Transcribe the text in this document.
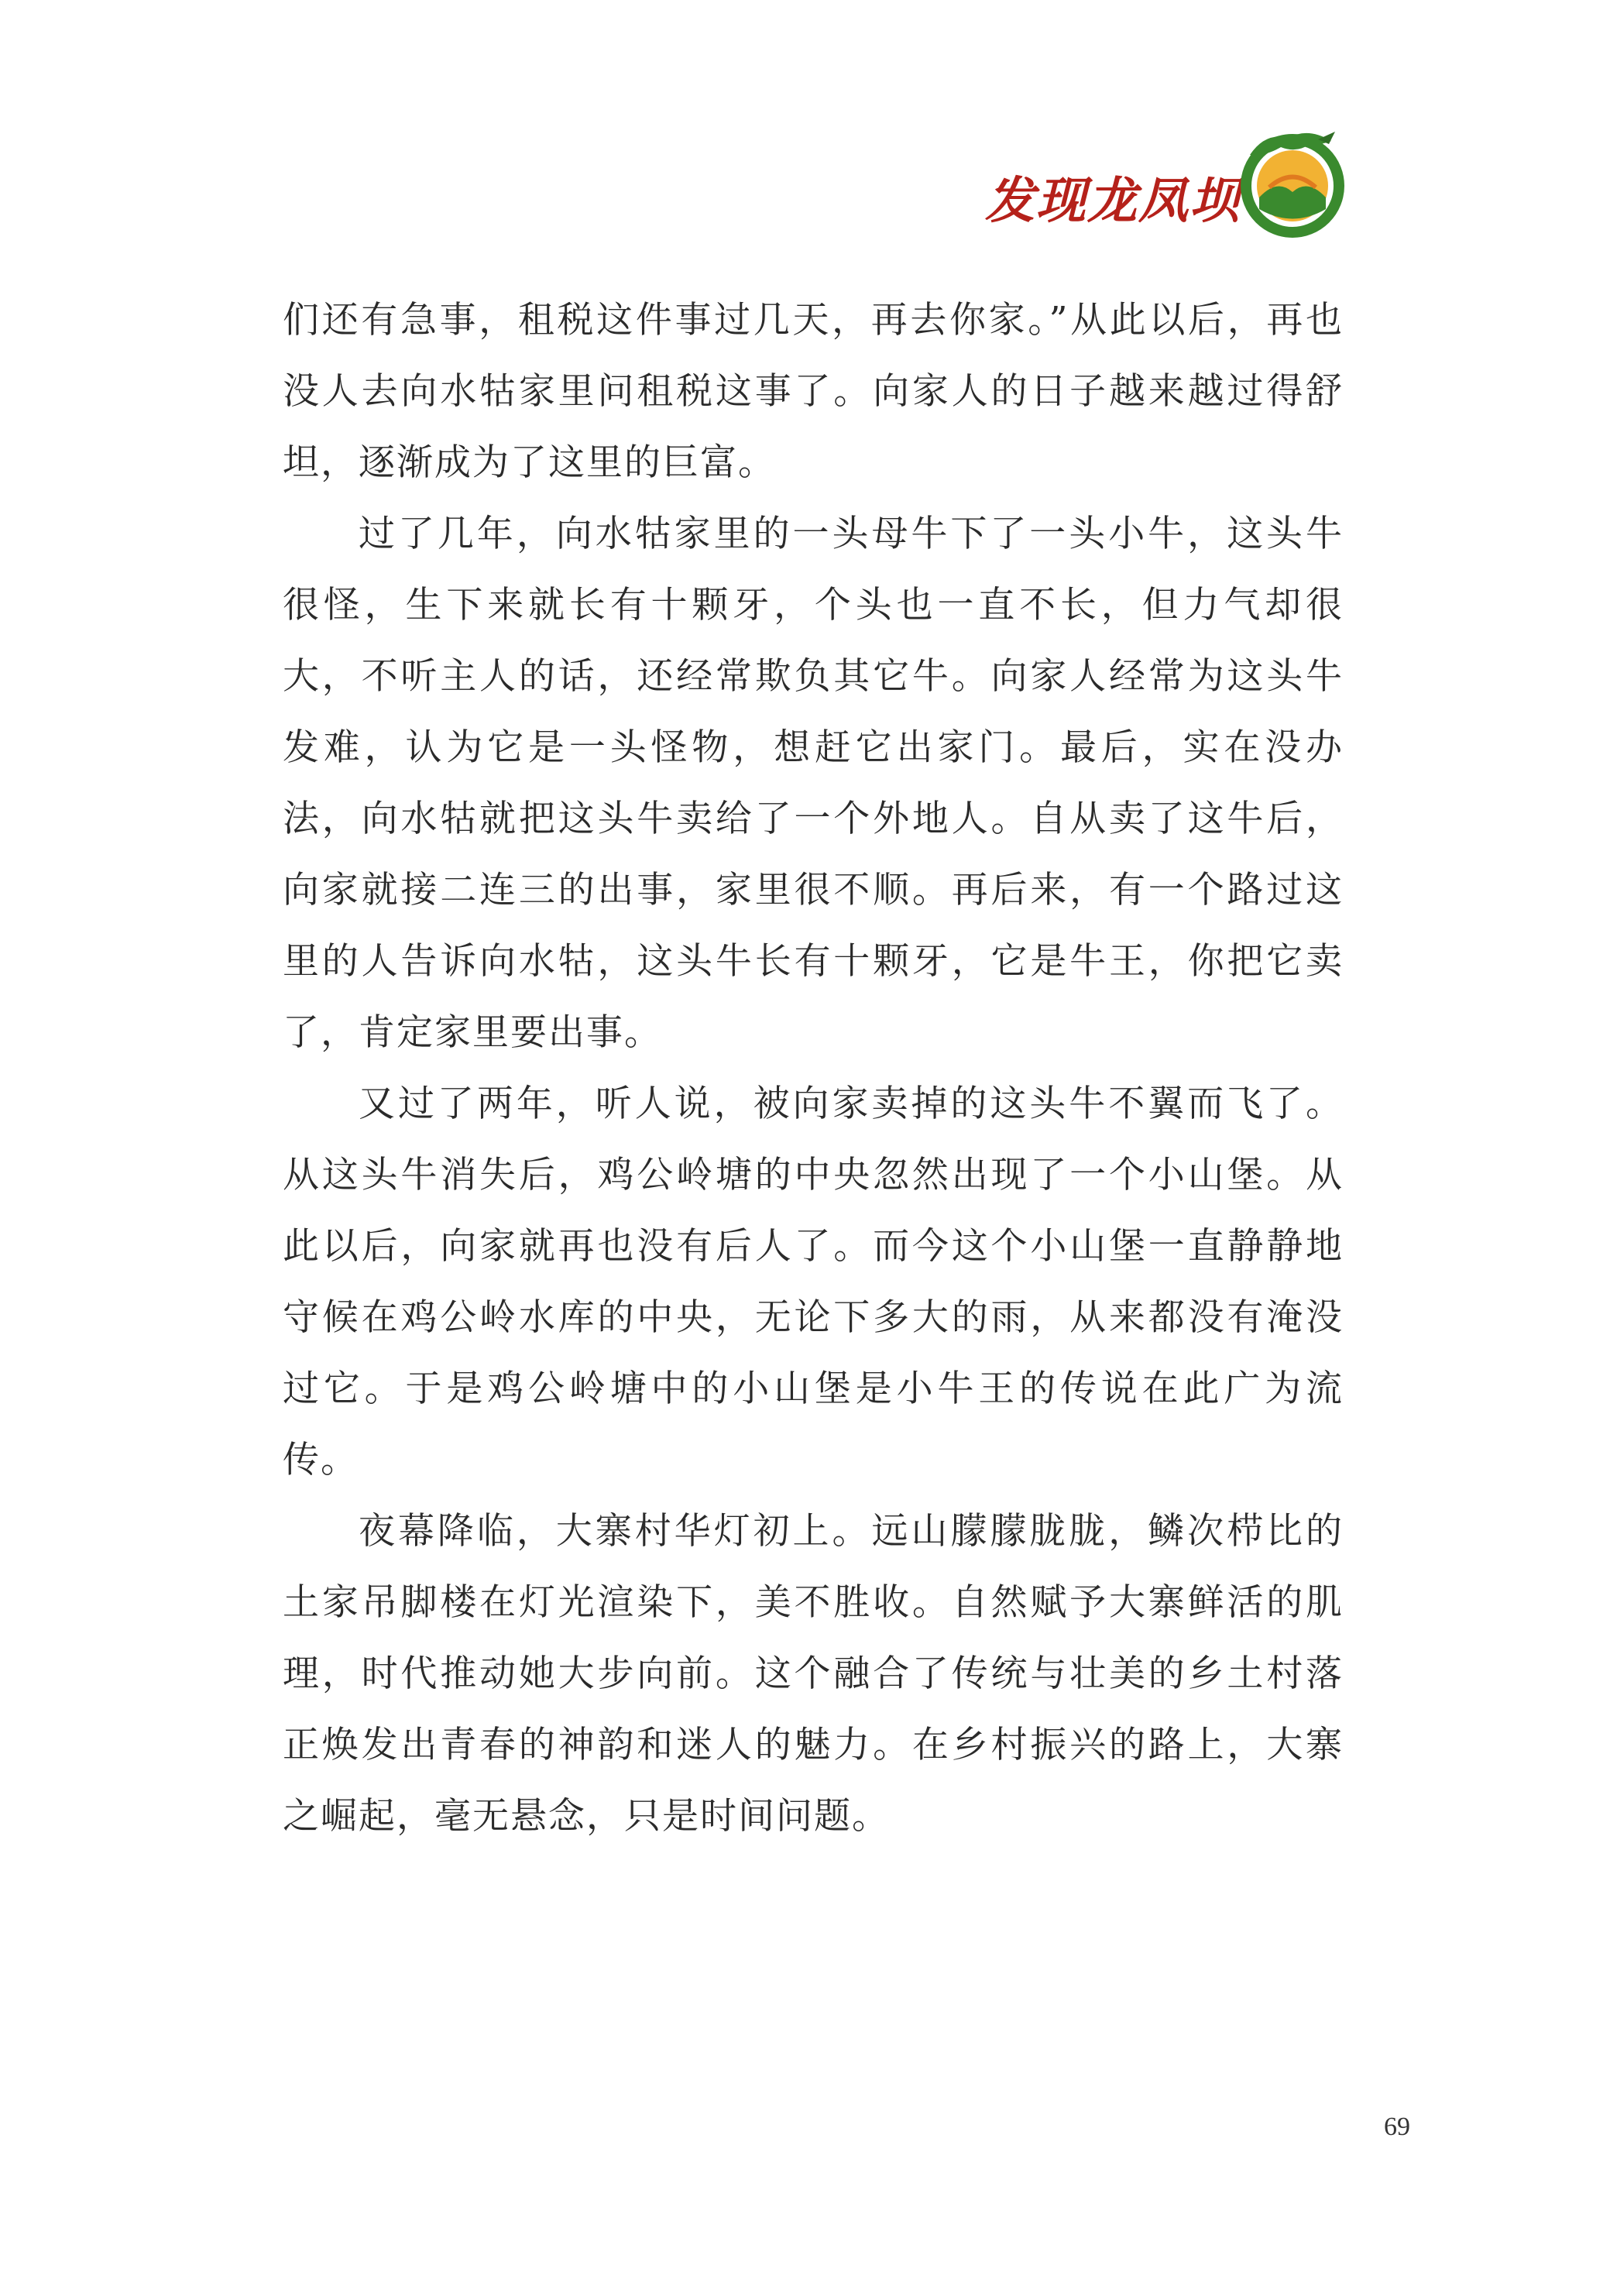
发现龙凤坝

们还有急事，租税这件事过几天，再去你家。”从此以后，再也没人去向水牯家里问租税这事了。向家人的日子越来越过得舒坦，逐渐成为了这里的巨富。

过了几年，向水牯家里的一头母牛下了一头小牛，这头牛很怪，生下来就长有十颗牙，个头也一直不长，但力气却很大，不听主人的话，还经常欺负其它牛。向家人经常为这头牛发难，认为它是一头怪物，想赶它出家门。最后，实在没办法，向水牯就把这头牛卖给了一个外地人。自从卖了这牛后，向家就接二连三的出事，家里很不顺。再后来，有一个路过这里的人告诉向水牯，这头牛长有十颗牙，它是牛王，你把它卖了，肯定家里要出事。

又过了两年，听人说，被向家卖掉的这头牛不翼而飞了。从这头牛消失后，鸡公岭塘的中央忽然出现了一个小山堡。从此以后，向家就再也没有后人了。而今这个小山堡一直静静地守候在鸡公岭水库的中央，无论下多大的雨，从来都没有淹没过它。于是鸡公岭塘中的小山堡是小牛王的传说在此广为流传。

夜幕降临，大寨村华灯初上。远山朦朦胧胧，鳞次栉比的土家吊脚楼在灯光渲染下，美不胜收。自然赋予大寨鲜活的肌理，时代推动她大步向前。这个融合了传统与壮美的乡土村落正焕发出青春的神韵和迷人的魅力。在乡村振兴的路上，大寨之崛起，毫无悬念，只是时间问题。

69
